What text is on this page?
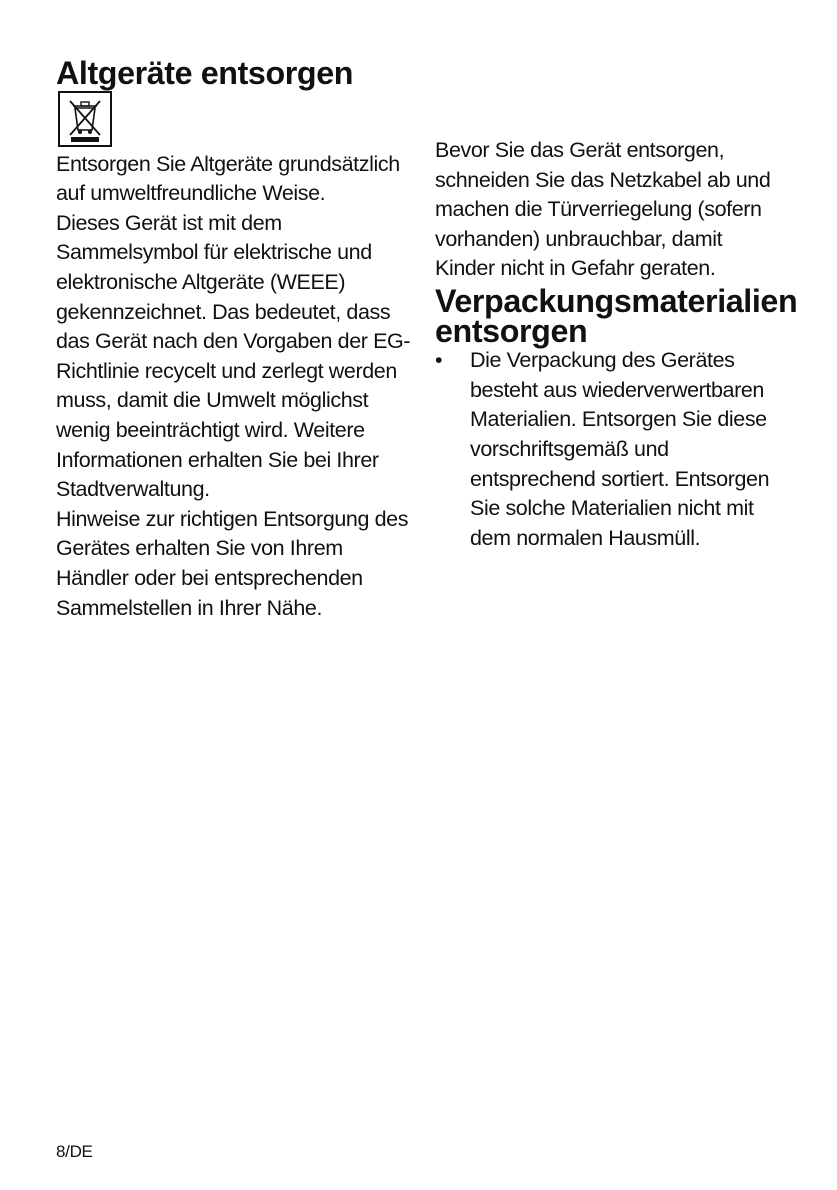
Altgeräte entsorgen

Entsorgen Sie Altgeräte grundsätzlich auf umweltfreundliche Weise.

Dieses Gerät ist mit dem Sammelsymbol für elektrische und elektronische Altgeräte (WEEE) gekennzeichnet. Das bedeutet, dass das Gerät nach den Vorgaben der EG-Richtlinie recycelt und zerlegt werden muss, damit die Umwelt möglichst wenig beeinträchtigt wird. Weitere Informationen erhalten Sie bei Ihrer Stadtverwaltung.

Hinweise zur richtigen Entsorgung des Gerätes erhalten Sie von Ihrem Händler oder bei entsprechenden Sammelstellen in Ihrer Nähe.

Bevor Sie das Gerät entsorgen, schneiden Sie das Netzkabel ab und machen die Türverriegelung (sofern vorhanden) unbrauchbar, damit Kinder nicht in Gefahr geraten.

Verpackungsmaterialien entsorgen
• Die Verpackung des Gerätes besteht aus wiederverwertbaren Materialien. Entsorgen Sie diese vorschriftsgemäß und entsprechend sortiert. Entsorgen Sie solche Materialien nicht mit dem normalen Hausmüll.
8/DE
